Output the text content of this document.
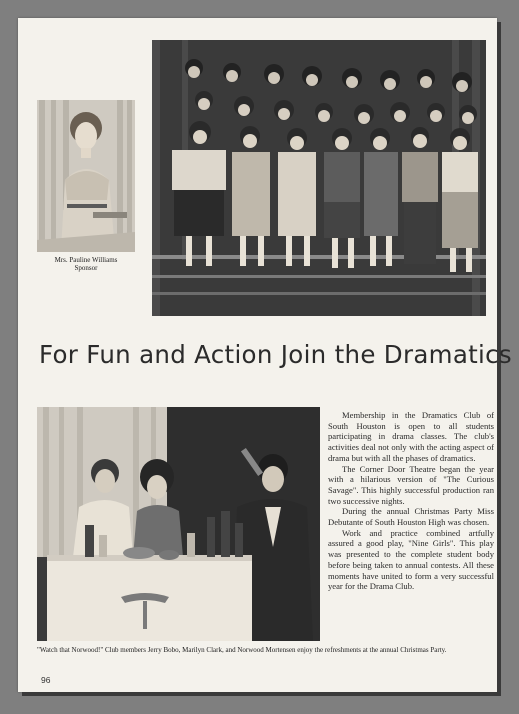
Mrs. Pauline Williams
Sponsor
For Fun and Action Join the Dramatics

Membership in the Dramatics Club of South Houston is open to all students participating in drama classes. The club's activities deal not only with the acting aspect of drama but with all the phases of dramatics.

The Corner Door Theatre began the year with a hilarious version of "The Curious Savage". This highly successful production ran two successive nights.

During the annual Christmas Party Miss Debutante of South Houston High was chosen.

Work and practice combined artfully assured a good play, "Nine Girls". This play was presented to the complete student body before being taken to annual contests. All these moments have united to form a very successful year for the Drama Club.

"Watch that Norwood!" Club members Jerry Bobo, Marilyn Clark, and Norwood Mortensen enjoy the refreshments at the annual Christmas Party.
96
